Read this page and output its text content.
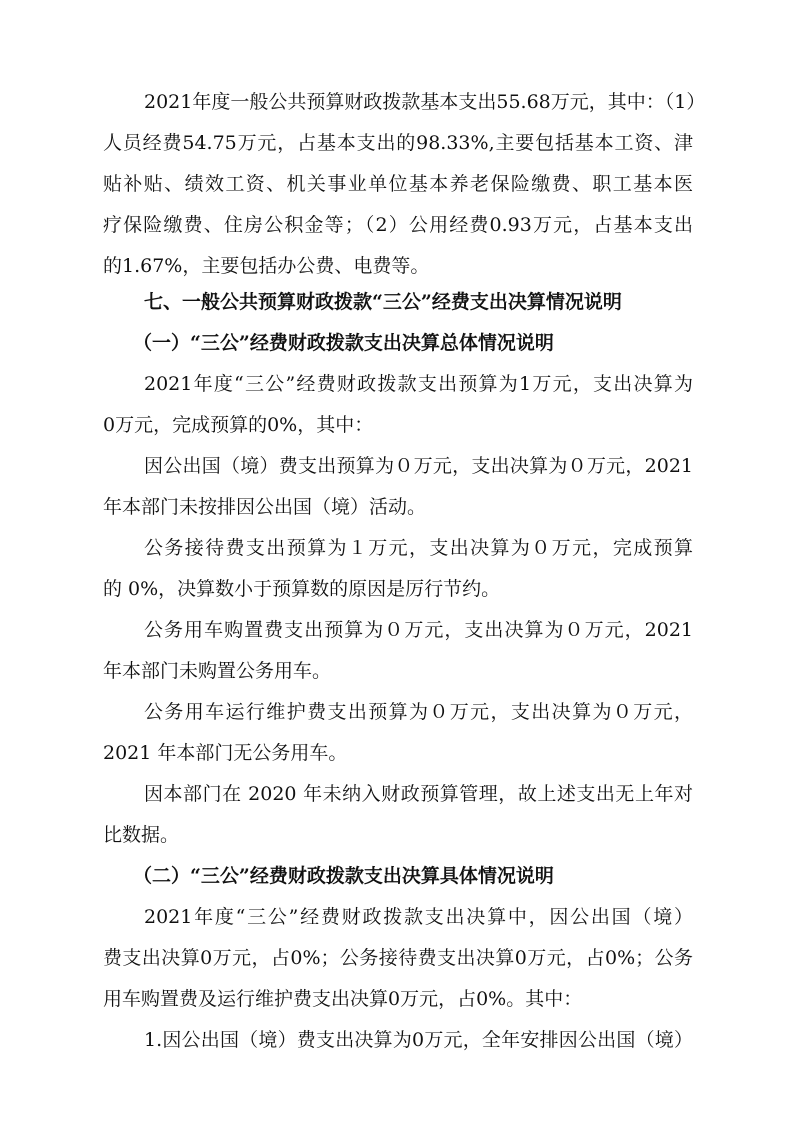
2021年度一般公共预算财政拨款基本支出55.68万元，其中：（1）
人员经费54.75万元，占基本支出的98.33%,主要包括基本工资、津
贴补贴、绩效工资、机关事业单位基本养老保险缴费、职工基本医
疗保险缴费、住房公积金等；（2）公用经费0.93万元，占基本支出
的1.67%，主要包括办公费、电费等。
七、一般公共预算财政拨款“三公”经费支出决算情况说明
（一）“三公”经费财政拨款支出决算总体情况说明
2021年度“三公”经费财政拨款支出预算为1万元，支出决算为
0万元，完成预算的0%，其中：
因公出国（境）费支出预算为０万元，支出决算为０万元，2021
年本部门未按排因公出国（境）活动。
公务接待费支出预算为１万元，支出决算为０万元，完成预算
的 0%，决算数小于预算数的原因是厉行节约。
公务用车购置费支出预算为０万元，支出决算为０万元，2021
年本部门未购置公务用车。
公务用车运行维护费支出预算为０万元，支出决算为０万元，
2021 年本部门无公务用车。
因本部门在 2020 年未纳入财政预算管理，故上述支出无上年对
比数据。
（二）“三公”经费财政拨款支出决算具体情况说明
2021年度“三公”经费财政拨款支出决算中，因公出国（境）
费支出决算0万元，占0%；公务接待费支出决算0万元，占0%；公务
用车购置费及运行维护费支出决算0万元，占0%。其中：
1.因公出国（境）费支出决算为0万元，全年安排因公出国（境）
